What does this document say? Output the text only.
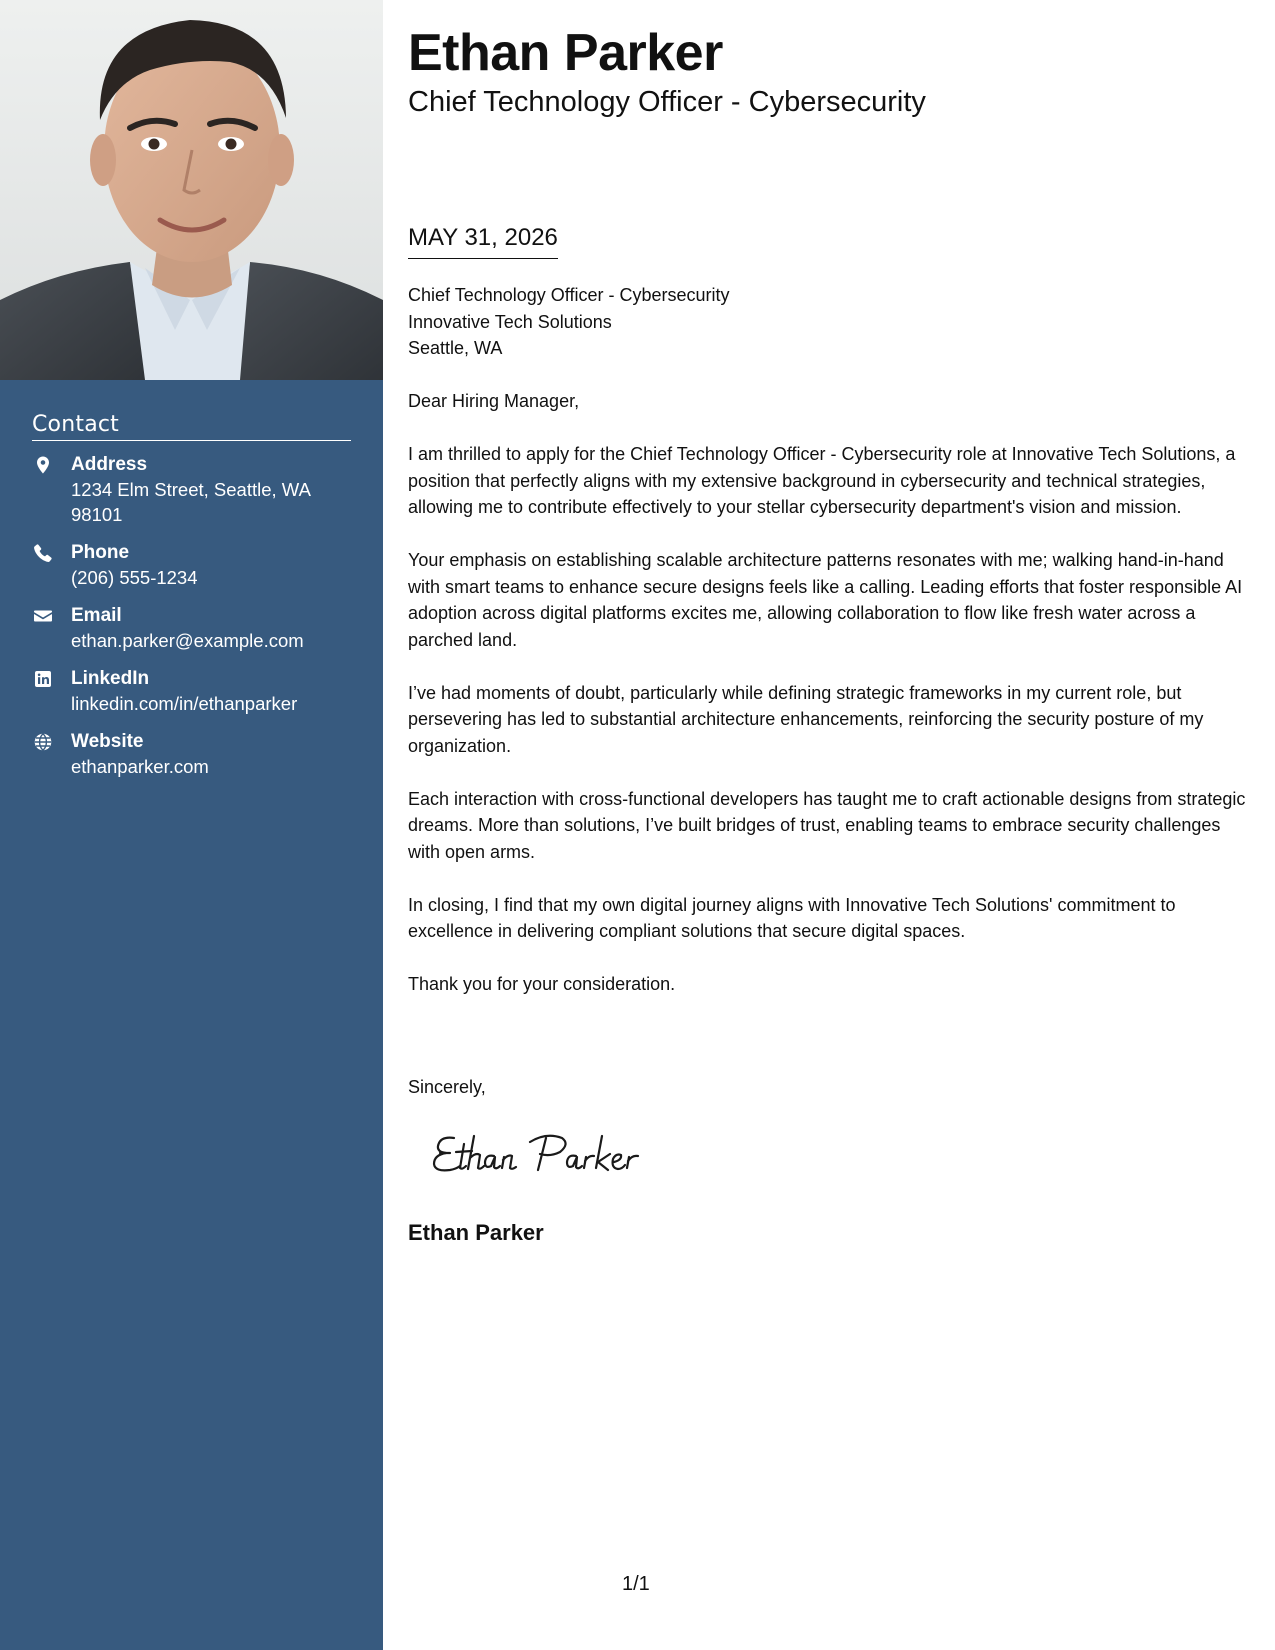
Contact
Address
1234 Elm Street, Seattle, WA 98101
Phone
(206) 555-1234
Email
ethan.parker@example.com
LinkedIn
linkedin.com/in/ethanparker
Website
ethanparker.com
Ethan Parker
Chief Technology Officer - Cybersecurity
MAY 31, 2026
Chief Technology Officer - Cybersecurity
Innovative Tech Solutions
Seattle, WA

Dear Hiring Manager,

I am thrilled to apply for the Chief Technology Officer - Cybersecurity role at Innovative Tech Solutions, a position that perfectly aligns with my extensive background in cybersecurity and technical strategies, allowing me to contribute effectively to your stellar cybersecurity department's vision and mission.

Your emphasis on establishing scalable architecture patterns resonates with me; walking hand-in-hand with smart teams to enhance secure designs feels like a calling. Leading efforts that foster responsible AI adoption across digital platforms excites me, allowing collaboration to flow like fresh water across a parched land.

I’ve had moments of doubt, particularly while defining strategic frameworks in my current role, but persevering has led to substantial architecture enhancements, reinforcing the security posture of my organization.

Each interaction with cross-functional developers has taught me to craft actionable designs from strategic dreams. More than solutions, I’ve built bridges of trust, enabling teams to embrace security challenges with open arms.

In closing, I find that my own digital journey aligns with Innovative Tech Solutions' commitment to excellence in delivering compliant solutions that secure digital spaces.

Thank you for your consideration.

Sincerely,
Ethan Parker
1/1
